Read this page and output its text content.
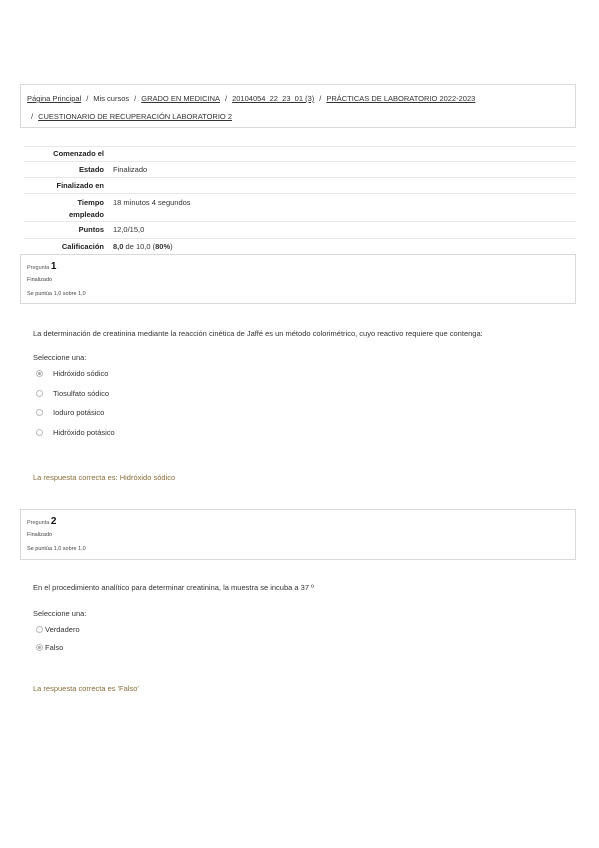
Página Principal / Mis cursos / GRADO EN MEDICINA / 20104054_22_23_01 (3) / PRÁCTICAS DE LABORATORIO 2022-2023
/ CUESTIONARIO DE RECUPERACIÓN LABORATORIO 2
Comenzado el
Estado Finalizado
Finalizado en
Tiempo
empleado
18 minutos 4 segundos
Puntos 12,0/15,0
Calificación 8,0 de 10,0 (80%)
Pregunta 1
Finalizado
Se puntúa 1,0 sobre 1,0
La determinación de creatinina mediante la reacción cinética de Jaffé es un método colorimétrico, cuyo reactivo requiere que contenga:
Seleccione una:
Hidróxido sódico
Tiosulfato sódico
Ioduro potásico
Hidróxido potásico
La respuesta correcta es: Hidróxido sódico
Pregunta 2
Finalizado
Se puntúa 1,0 sobre 1,0
En el procedimiento analítico para determinar creatinina, la muestra se incuba a 37 º
Seleccione una:
Verdadero
Falso
La respuesta correcta es 'Falso'
